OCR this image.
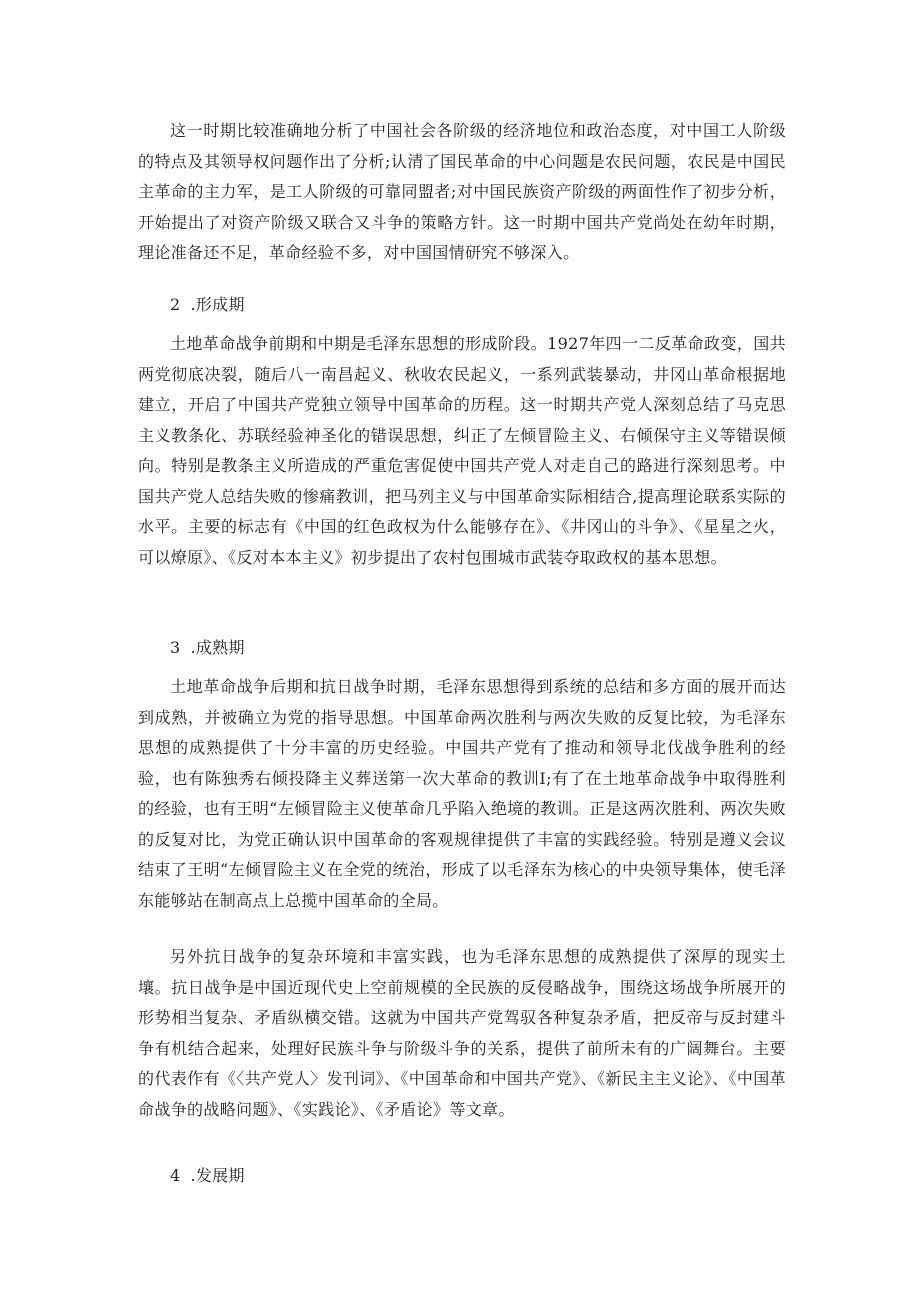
这一时期比较准确地分析了中国社会各阶级的经济地位和政治态度，对中国工人阶级的特点及其领导权问题作出了分析;认清了国民革命的中心问题是农民问题，农民是中国民主革命的主力军，是工人阶级的可靠同盟者;对中国民族资产阶级的两面性作了初步分析，开始提出了对资产阶级又联合又斗争的策略方针。这一时期中国共产党尚处在幼年时期，理论准备还不足，革命经验不多，对中国国情研究不够深入。

2 .形成期

土地革命战争前期和中期是毛泽东思想的形成阶段。1927年四一二反革命政变，国共两党彻底决裂，随后八一南昌起义、秋收农民起义，一系列武装暴动，井冈山革命根据地建立，开启了中国共产党独立领导中国革命的历程。这一时期共产党人深刻总结了马克思主义教条化、苏联经验神圣化的错误思想，纠正了左倾冒险主义、右倾保守主义等错误倾向。特别是教条主义所造成的严重危害促使中国共产党人对走自己的路进行深刻思考。中国共产党人总结失败的惨痛教训，把马列主义与中国革命实际相结合,提高理论联系实际的水平。主要的标志有《中国的红色政权为什么能够存在》、《井冈山的斗争》、《星星之火，可以燎原》、《反对本本主义》初步提出了农村包围城市武装夺取政权的基本思想。

3 .成熟期

土地革命战争后期和抗日战争时期，毛泽东思想得到系统的总结和多方面的展开而达到成熟，并被确立为党的指导思想。中国革命两次胜利与两次失败的反复比较，为毛泽东思想的成熟提供了十分丰富的历史经验。中国共产党有了推动和领导北伐战争胜利的经验，也有陈独秀右倾投降主义葬送第一次大革命的教训I;有了在土地革命战争中取得胜利的经验，也有王明“左倾冒险主义使革命几乎陷入绝境的教训。正是这两次胜利、两次失败的反复对比，为党正确认识中国革命的客观规律提供了丰富的实践经验。特别是遵义会议结束了王明“左倾冒险主义在全党的统治，形成了以毛泽东为核心的中央领导集体，使毛泽东能够站在制高点上总揽中国革命的全局。

另外抗日战争的复杂环境和丰富实践，也为毛泽东思想的成熟提供了深厚的现实土壤。抗日战争是中国近现代史上空前规模的全民族的反侵略战争，围绕这场战争所展开的形势相当复杂、矛盾纵横交错。这就为中国共产党驾驭各种复杂矛盾，把反帝与反封建斗争有机结合起来，处理好民族斗争与阶级斗争的关系，提供了前所未有的广阔舞台。主要的代表作有《〈共产党人〉发刊词》、《中国革命和中国共产党》、《新民主主义论》、《中国革命战争的战略问题》、《实践论》、《矛盾论》等文章。

4 .发展期
